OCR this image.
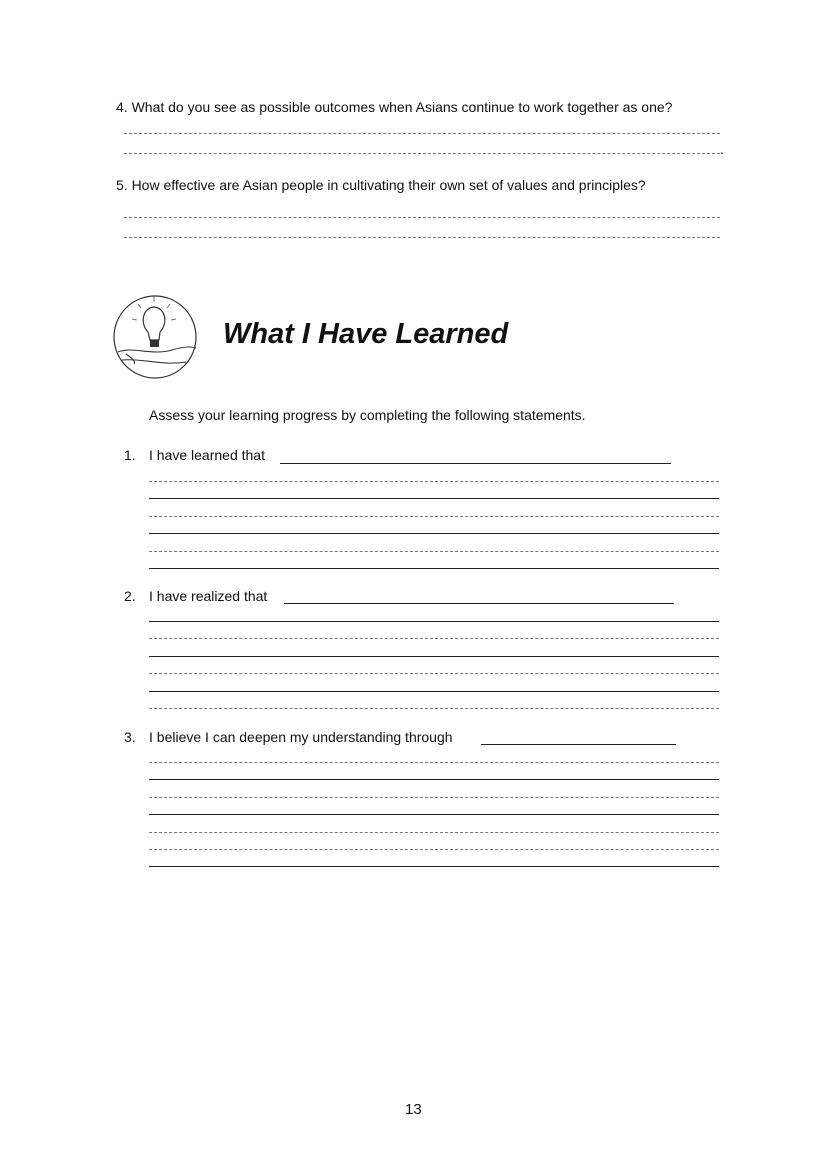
4. What do you see as possible outcomes when Asians continue to work together as one?
.
5. How effective are Asian people in cultivating their own set of values and principles?
What I Have Learned
Assess your learning progress by completing the following statements.
1. I have learned that
2. I have realized that
3. I believe I can deepen my understanding through
13
